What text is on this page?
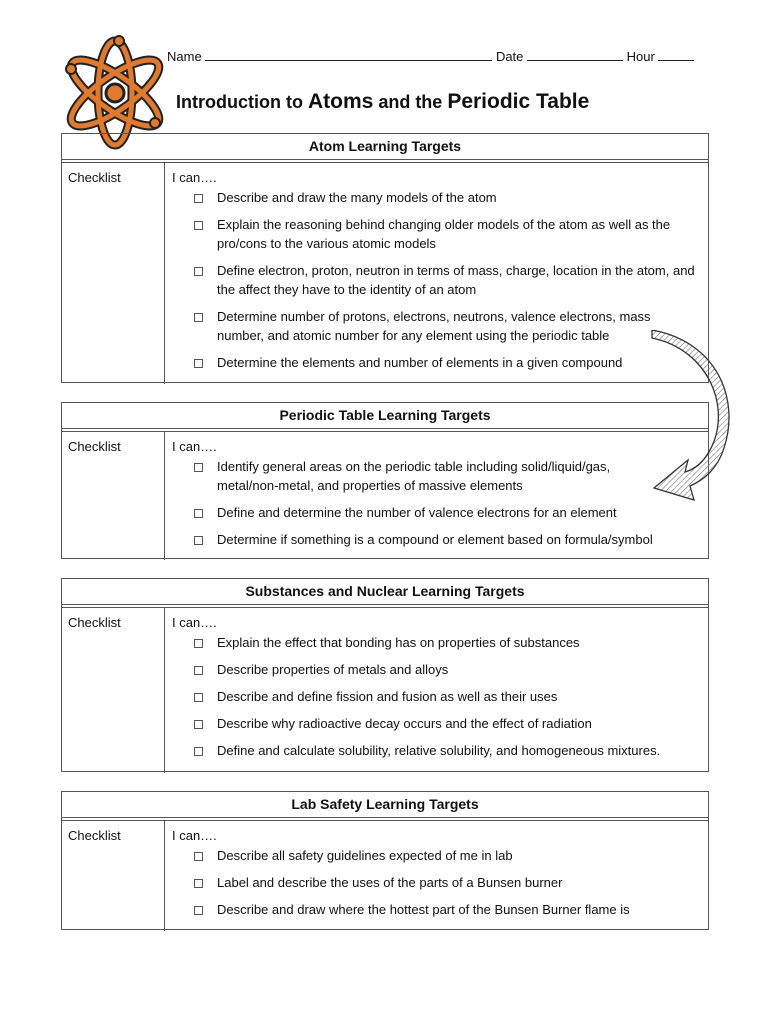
Name	Date	Hour
Introduction to Atoms and the Periodic Table
Atom Learning Targets
Checklist	I can….
Describe and draw the many models of the atom
Explain the reasoning behind changing older models of the atom as well as the pro/cons to the various atomic models
Define electron, proton, neutron in terms of mass, charge, location in the atom, and the affect they have to the identity of an atom
Determine number of protons, electrons, neutrons, valence electrons, mass number, and atomic number for any element using the periodic table
Determine the elements and number of elements in a given compound
Periodic Table Learning Targets
Checklist	I can….
Identify general areas on the periodic table including solid/liquid/gas, metal/non-metal, and properties of massive elements
Define and determine the number of valence electrons for an element
Determine if something is a compound or element based on formula/symbol
Substances and Nuclear Learning Targets
Checklist	I can….
Explain the effect that bonding has on properties of substances
Describe properties of metals and alloys
Describe and define fission and fusion as well as their uses
Describe why radioactive decay occurs and the effect of radiation
Define and calculate solubility, relative solubility, and homogeneous mixtures.
Lab Safety Learning Targets
Checklist	I can….
Describe all safety guidelines expected of me in lab
Label and describe the uses of the parts of a Bunsen burner
Describe and draw where the hottest part of the Bunsen Burner flame is
